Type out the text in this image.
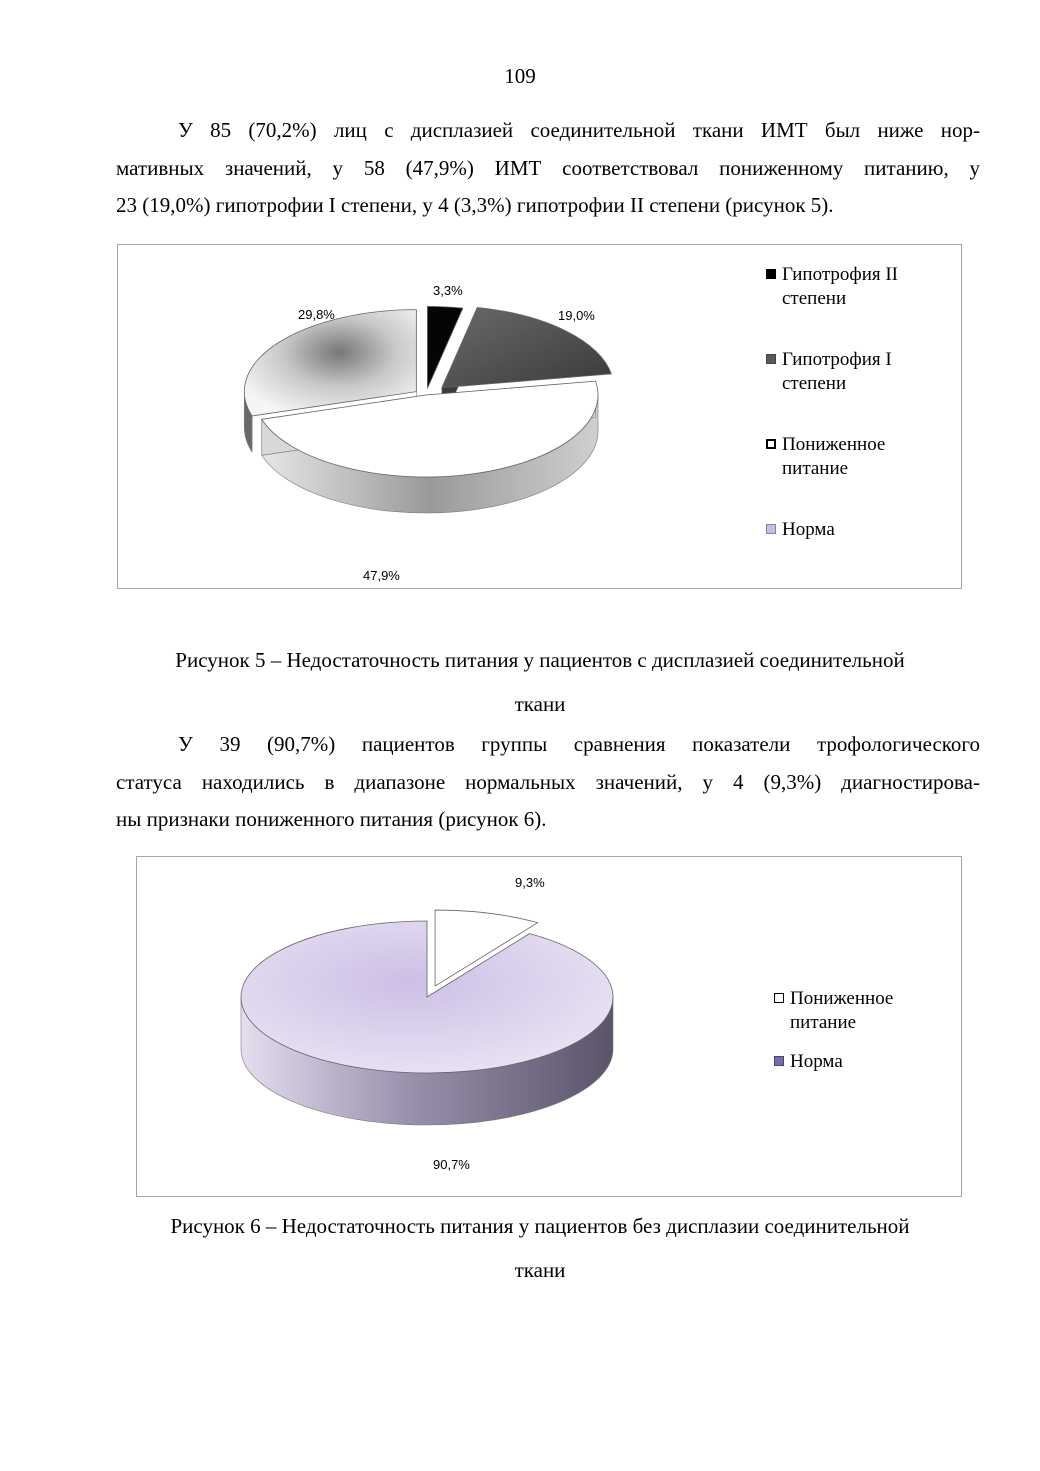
109
У 85 (70,2%) лиц с дисплазией соединительной ткани ИМТ был ниже нор-
мативных значений, у 58 (47,9%) ИМТ соответствовал пониженному питанию, у
23 (19,0%) гипотрофии I степени, у 4 (3,3%) гипотрофии II степени (рисунок 5).
3,3%
19,0%
47,9%
29,8%
Гипотрофия II
степени
Гипотрофия I
степени
Пониженное
питание
Норма
Рисунок 5 – Недостаточность питания у пациентов с дисплазией соединительной
ткани
У 39 (90,7%) пациентов группы сравнения показатели трофологического
статуса находились в диапазоне нормальных значений, у 4 (9,3%) диагностирова-
ны признаки пониженного питания (рисунок 6).
9,3%
90,7%
Пониженное
питание
Норма
Рисунок 6 – Недостаточность питания у пациентов без дисплазии соединительной
ткани
